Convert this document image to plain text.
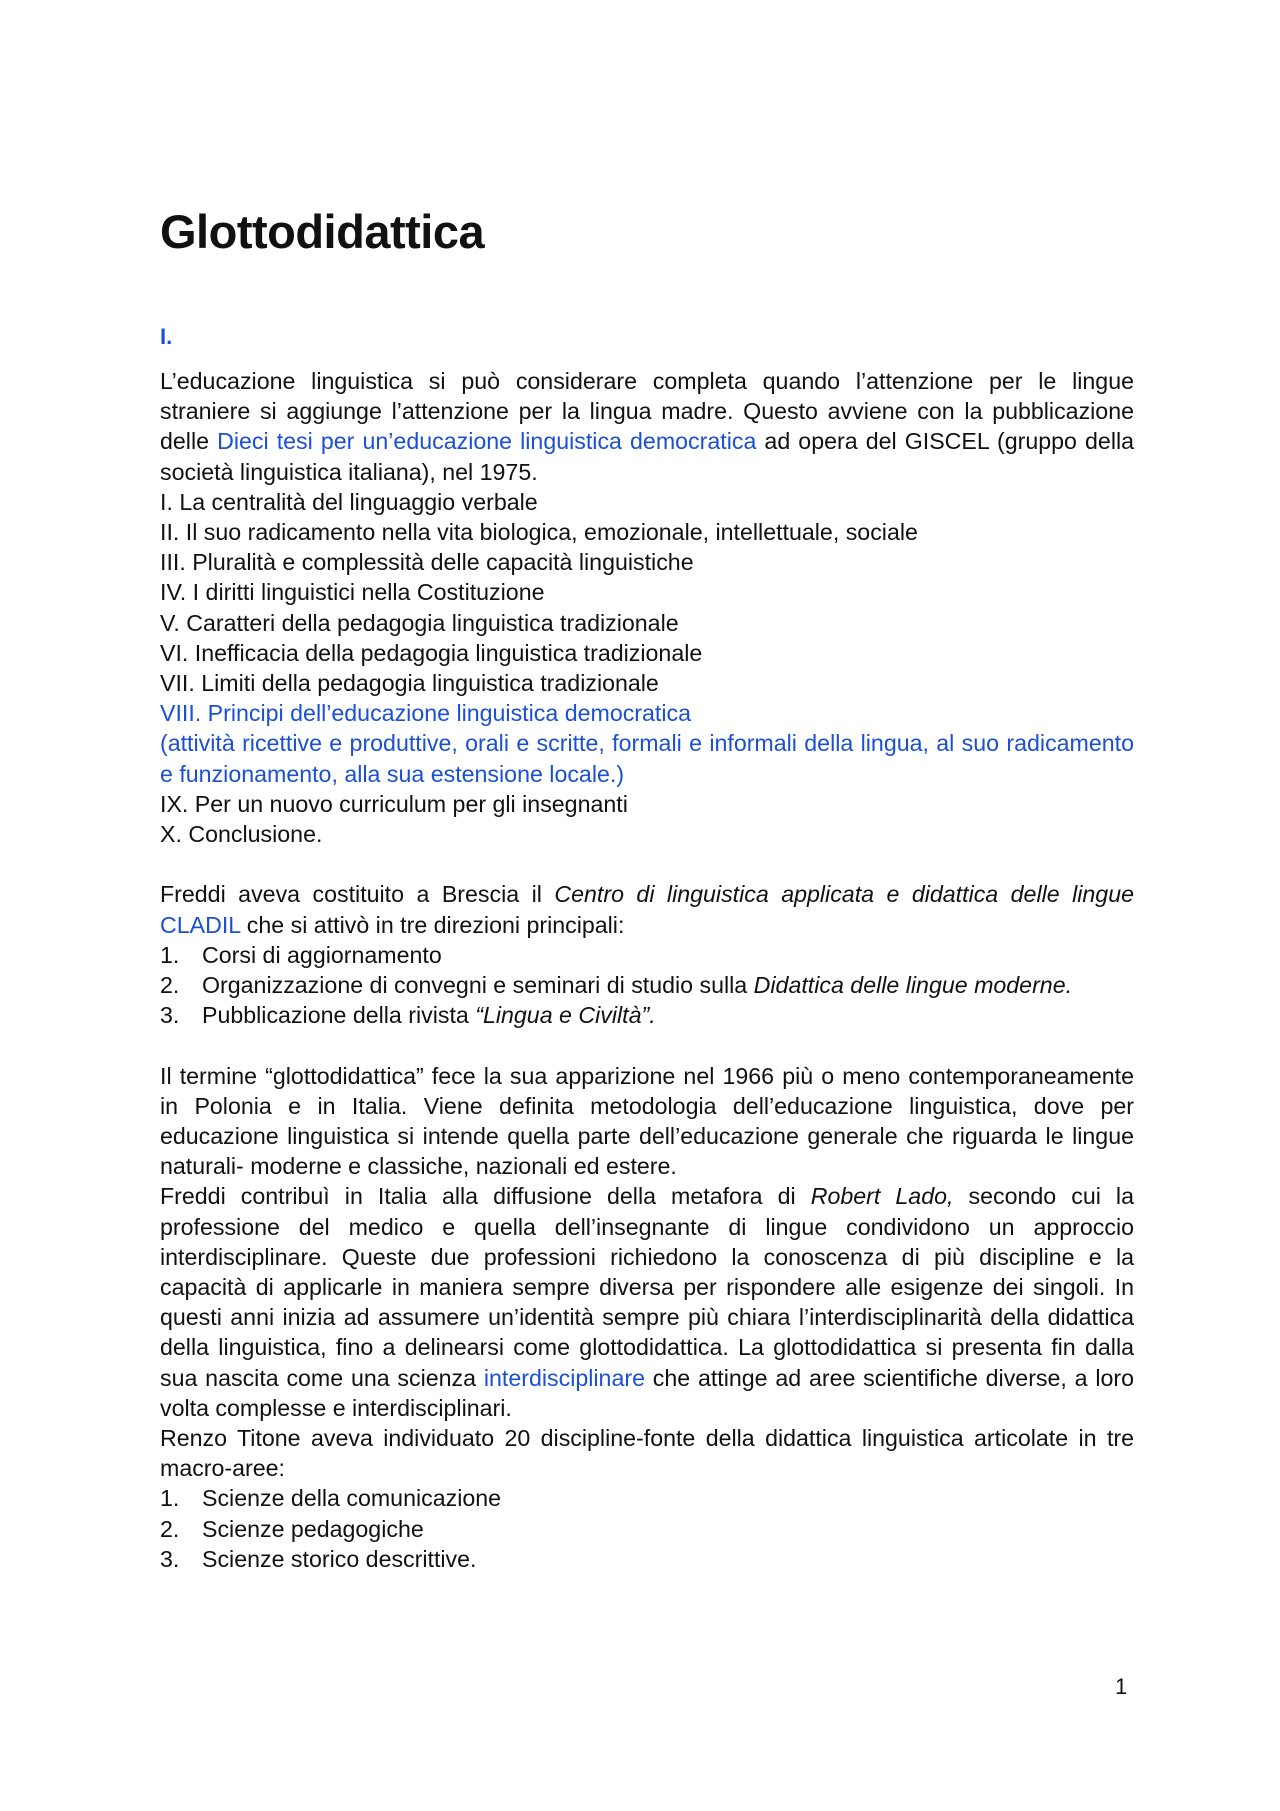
Glottodidattica
I.

L’educazione linguistica si può considerare completa quando l’attenzione per le lingue straniere si aggiunge l’attenzione per la lingua madre. Questo avviene con la pubblicazione delle Dieci tesi per un’educazione linguistica democratica ad opera del GISCEL (gruppo della società linguistica italiana), nel 1975.

I. La centralità del linguaggio verbale
II. Il suo radicamento nella vita biologica, emozionale, intellettuale, sociale
III. Pluralità e complessità delle capacità linguistiche
IV. I diritti linguistici nella Costituzione
V. Caratteri della pedagogia linguistica tradizionale
VI. Inefficacia della pedagogia linguistica tradizionale
VII. Limiti della pedagogia linguistica tradizionale
VIII. Principi dell’educazione linguistica democratica

(attività ricettive e produttive, orali e scritte, formali e informali della lingua, al suo radicamento e funzionamento, alla sua estensione locale.)

IX. Per un nuovo curriculum per gli insegnanti
X. Conclusione.

Freddi aveva costituito a Brescia il Centro di linguistica applicata e didattica delle lingue CLADIL che si attivò in tre direzioni principali:

1. Corsi di aggiornamento
2. Organizzazione di convegni e seminari di studio sulla Didattica delle lingue moderne.
3. Pubblicazione della rivista “Lingua e Civiltà”.

Il termine “glottodidattica” fece la sua apparizione nel 1966 più o meno contemporaneamente in Polonia e in Italia. Viene definita metodologia dell’educazione linguistica, dove per educazione linguistica si intende quella parte dell’educazione generale che riguarda le lingue naturali- moderne e classiche, nazionali ed estere.

Freddi contribuì in Italia alla diffusione della metafora di Robert Lado, secondo cui la professione del medico e quella dell’insegnante di lingue condividono un approccio interdisciplinare. Queste due professioni richiedono la conoscenza di più discipline e la capacità di applicarle in maniera sempre diversa per rispondere alle esigenze dei singoli. In questi anni inizia ad assumere un’identità sempre più chiara l’interdisciplinarità della didattica della linguistica, fino a delinearsi come glottodidattica. La glottodidattica si presenta fin dalla sua nascita come una scienza interdisciplinare che attinge ad aree scientifiche diverse, a loro volta complesse e interdisciplinari.

Renzo Titone aveva individuato 20 discipline-fonte della didattica linguistica articolate in tre macro-aree:

1. Scienze della comunicazione
2. Scienze pedagogiche
3. Scienze storico descrittive.
1
